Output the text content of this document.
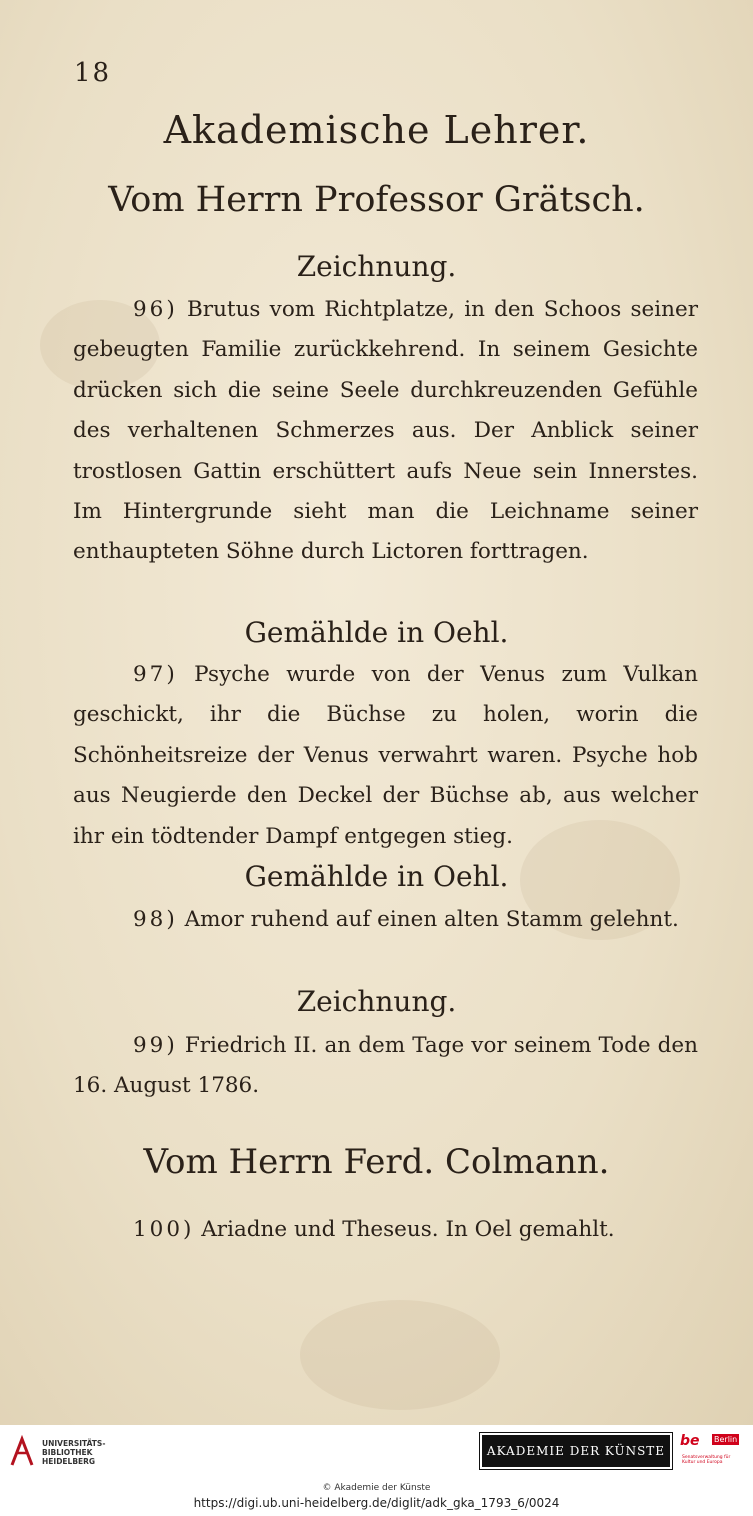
18
Akademische Lehrer.
Vom Herrn Professor Grätsch.
Zeichnung.
96) Brutus vom Richtplatze, in den Schoos seiner gebeugten Familie zurückkehrend. In seinem Gesichte drücken sich die seine Seele durchkreuzenden Gefühle des verhaltenen Schmerzes aus. Der Anblick seiner trostlosen Gattin erschüttert aufs Neue sein Innerstes. Im Hintergrunde sieht man die Leichname seiner enthaupteten Söhne durch Lictoren forttragen.
Gemählde in Oehl.
97) Psyche wurde von der Venus zum Vulkan geschickt, ihr die Büchse zu holen, worin die Schönheitsreize der Venus verwahrt waren. Psyche hob aus Neugierde den Deckel der Büchse ab, aus welcher ihr ein tödtender Dampf entgegen stieg.
Gemählde in Oehl.
98) Amor ruhend auf einen alten Stamm gelehnt.
Zeichnung.
99) Friedrich II. an dem Tage vor seinem Tode den 16. August 1786.
Vom Herrn Ferd. Colmann.
100) Ariadne und Theseus. In Oel gemahlt.
UNIVERSITÄTS-
BIBLIOTHEK
HEIDELBERG
AKADEMIE DER KÜNSTE
be Berlin
Senatsverwaltung für Kultur und Europa
© Akademie der Künste
https://digi.ub.uni-heidelberg.de/diglit/adk_gka_1793_6/0024
